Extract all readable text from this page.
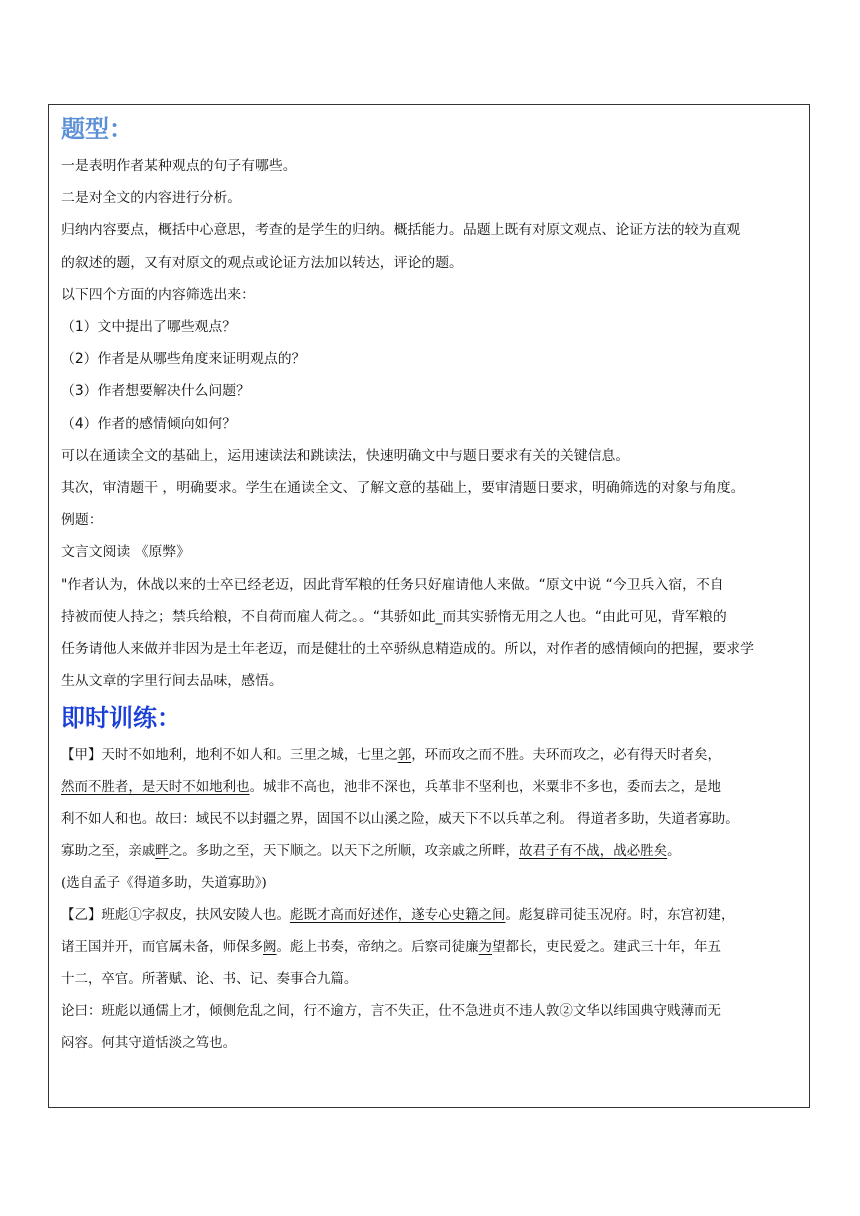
题型：
一是表明作者某种观点的句子有哪些。
二是对全文的内容进行分析。
归纳内容要点，概括中心意思，考查的是学生的归纳。概括能力。品题上既有对原文观点、论证方法的较为直观
的叙述的题，又有对原文的观点或论证方法加以转达，评论的题。
以下四个方面的内容筛选出来：
（1）文中提出了哪些观点？
（2）作者是从哪些角度来证明观点的？
（3）作者想要解决什么问题？
（4）作者的感情倾向如何？
可以在通读全文的基础上，运用速读法和跳读法，快速明确文中与题日要求有关的关键信息。
其次，审清题干 ，明确要求。学生在通读全文、了解文意的基础上，要审清题日要求，明确筛选的对象与角度。
例题：
文言文阅读 《原弊》
"作者认为，休战以来的士卒已经老迈，因此背军粮的任务只好雇请他人来做。“原文中说 “今卫兵入宿，不自
持被而使人持之；禁兵给粮，不自荷而雇人荷之。。“其骄如此_而其实骄惰无用之人也。“由此可见，背军粮的
任务请他人来做并非因为是土年老迈，而是健壮的土卒骄纵息精造成的。所以，对作者的感情倾向的把握，要求学
生从文章的字里行间去品味，感悟。
即时训练：
【甲】天时不如地利，地利不如人和。三里之城，七里之郭，环而攻之而不胜。夫环而攻之，必有得天时者矣，
然而不胜者，是天时不如地利也。城非不高也，池非不深也，兵革非不坚利也，米粟非不多也，委而去之，是地
利不如人和也。故曰：域民不以封疆之界，固国不以山溪之险，威天下不以兵革之利。 得道者多助，失道者寡助。
寡助之至，亲戚畔之。多助之至，天下顺之。以天下之所顺，攻亲戚之所畔，故君子有不战，战必胜矣。
(选自孟子《得道多助，失道寡助》)
【乙】班彪①字叔皮，扶风安陵人也。彪既才高而好述作，遂专心史籍之间。彪复辟司徒玉况府。时，东宫初建，
诸王国并开，而官属未备，师保多阙。彪上书奏，帝纳之。后察司徒廉为望都长，吏民爱之。建武三十年，年五
十二，卒官。所著赋、论、书、记、奏事合九篇。
论曰：班彪以通儒上才，倾侧危乱之间，行不逾方，言不失正，仕不急进贞不违人敦②文华以纬国典守贱薄而无
闷容。何其守道恬淡之笃也。
